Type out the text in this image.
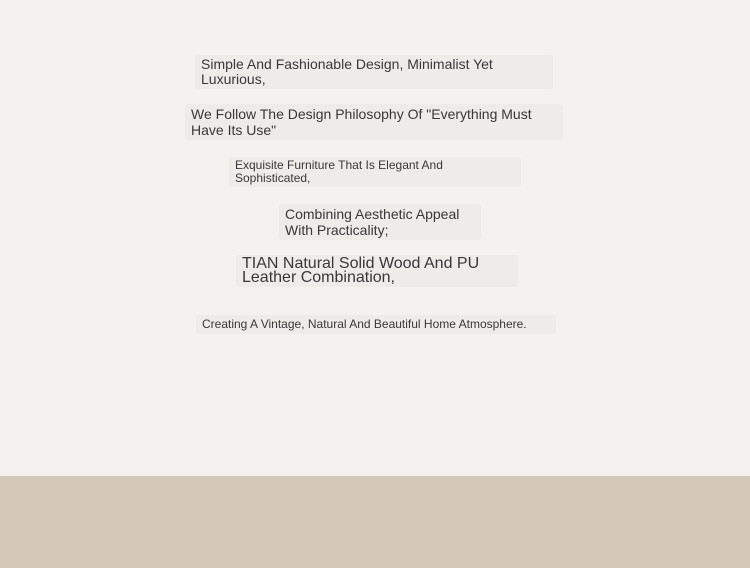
Simple And Fashionable Design, Minimalist Yet Luxurious,

We Follow The Design Philosophy Of "Everything Must Have Its Use"

Exquisite Furniture That Is Elegant And Sophisticated,

Combining Aesthetic Appeal With Practicality;

TIAN Natural Solid Wood And PU Leather Combination,

Creating A Vintage, Natural And Beautiful Home Atmosphere.
